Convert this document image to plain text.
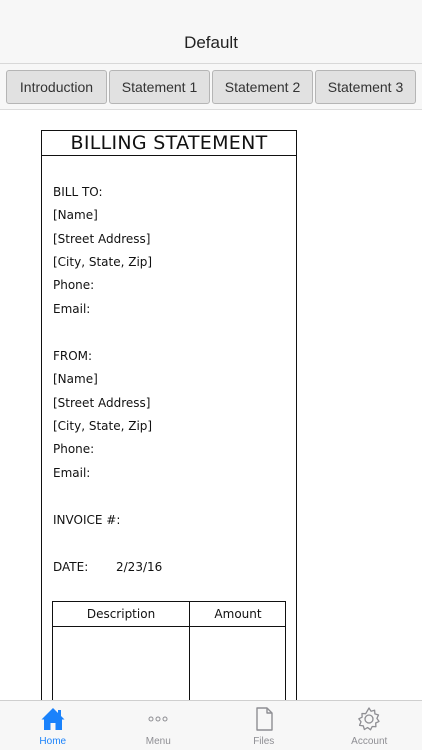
Default
Introduction	Statement 1	Statement 2	Statement 3
BILLING STATEMENT
BILL TO:
[Name]
[Street Address]
[City, State, Zip]
Phone:
Email:
FROM:
[Name]
[Street Address]
[City, State, Zip]
Phone:
Email:
INVOICE #:
DATE: 2/23/16
Description	Amount
Home	Menu	Files	Account
